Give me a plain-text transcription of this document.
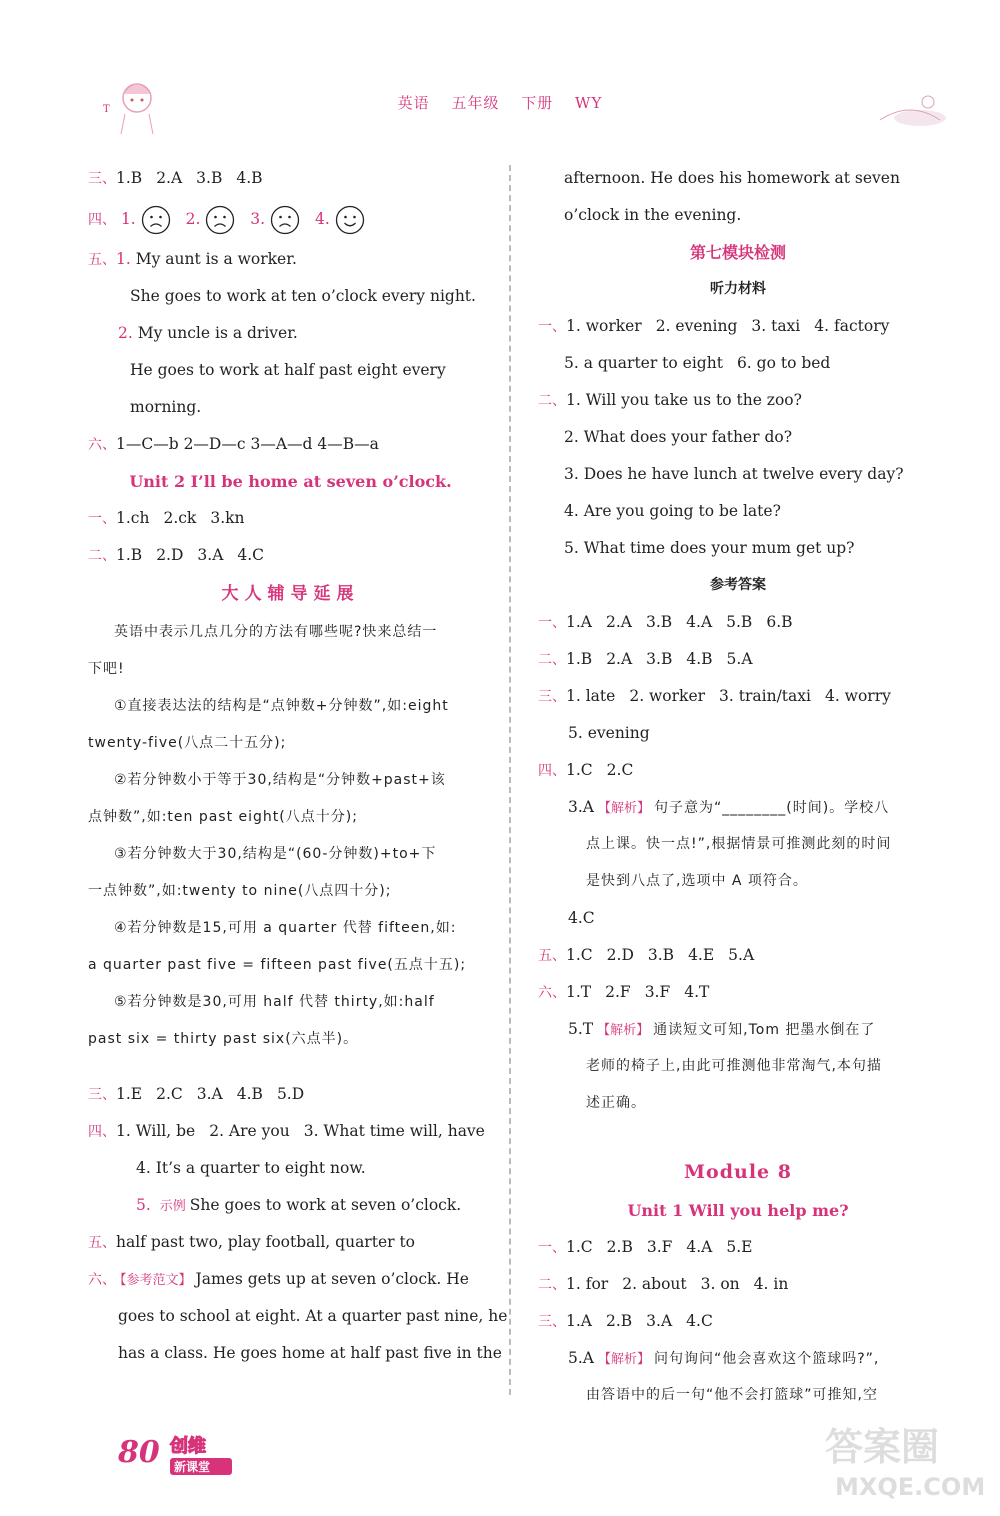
T	英语 五年级 下册 WY
三、1.B 2.A 3.B 4.B
四、 1.	2.	3.	4.
五、1. My aunt is a worker.
She goes to work at ten o’clock every night.
2. My uncle is a driver.
He goes to work at half past eight every
morning.
六、1—C—b 2—D—c 3—A—d 4—B—a
Unit 2 I’ll be home at seven o’clock.
一、1.ch 2.ck 3.kn
二、1.B 2.D 3.A 4.C
大人辅导延展
英语中表示几点几分的方法有哪些呢?快来总结一
下吧!
①直接表达法的结构是“点钟数+分钟数”,如:eight
twenty-five(八点二十五分);
②若分钟数小于等于30,结构是“分钟数+past+该
点钟数”,如:ten past eight(八点十分);
③若分钟数大于30,结构是“(60-分钟数)+to+下
一点钟数”,如:twenty to nine(八点四十分);
④若分钟数是15,可用 a quarter 代替 fifteen,如:
a quarter past five = fifteen past five(五点十五);
⑤若分钟数是30,可用 half 代替 thirty,如:half
past six = thirty past six(六点半)。
三、1.E 2.C 3.A 4.B 5.D
四、1. Will, be 2. Are you 3. What time will, have
4. It’s a quarter to eight now.
5. 示例 She goes to work at seven o’clock.
五、half past two, play football, quarter to
六、 【参考范文】 James gets up at seven o’clock. He
goes to school at eight. At a quarter past nine, he
has a class. He goes home at half past five in the
afternoon. He does his homework at seven
o’clock in the evening.
第七模块检测
听力材料
一、1. worker 2. evening 3. taxi 4. factory
5. a quarter to eight 6. go to bed
二、1. Will you take us to the zoo?
2. What does your father do?
3. Does he have lunch at twelve every day?
4. Are you going to be late?
5. What time does your mum get up?
参考答案
一、1.A 2.A 3.B 4.A 5.B 6.B
二、1.B 2.A 3.B 4.B 5.A
三、1. late 2. worker 3. train/taxi 4. worry
5. evening
四、1.C 2.C
3.A 【解析】 句子意为“________(时间)。学校八
点上课。快一点!”,根据情景可推测此刻的时间
是快到八点了,选项中 A 项符合。
4.C
五、1.C 2.D 3.B 4.E 5.A
六、1.T 2.F 3.F 4.T
5.T 【解析】 通读短文可知,Tom 把墨水倒在了
老师的椅子上,由此可推测他非常淘气,本句描
述正确。
Module 8
Unit 1 Will you help me?
一、1.C 2.B 3.F 4.A 5.E
二、1. for 2. about 3. on 4. in
三、1.A 2.B 3.A 4.C
5.A 【解析】 问句询问“他会喜欢这个篮球吗?”,
由答语中的后一句“他不会打篮球”可推知,空
80 创维
新课堂	答案圈
MXQE.COM
